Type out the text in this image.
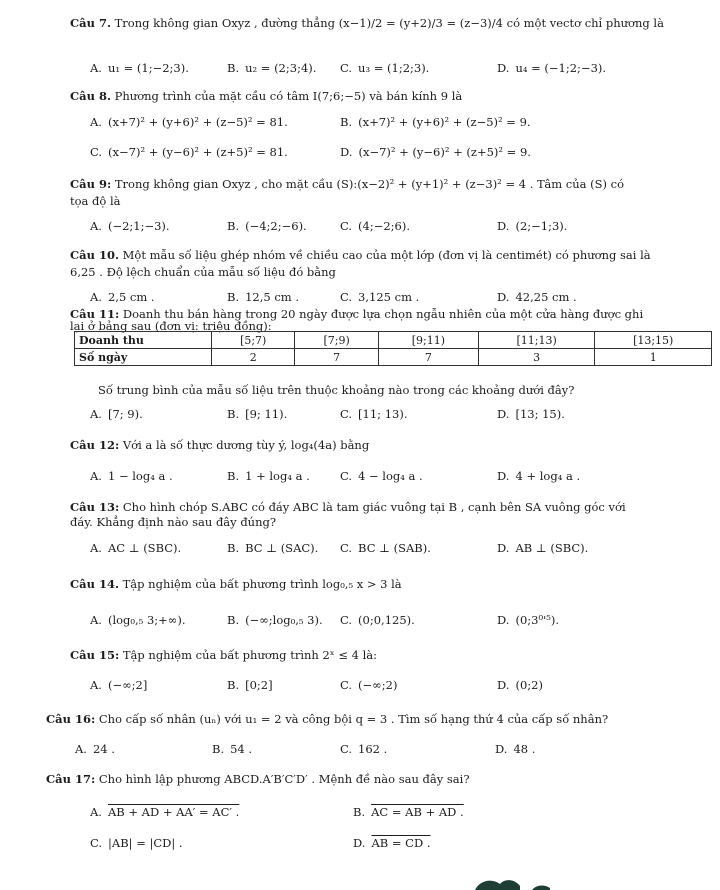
Câu 7. Trong không gian Oxyz , đường thẳng (x−1)/2 = (y+2)/3 = (z−3)/4 có một vectơ chỉ phương là
A. u₁ = (1;−2;3).	B. u₂ = (2;3;4). C. u₃ = (1;2;3).	D. u₄ = (−1;2;−3).
Câu 8. Phương trình của mặt cầu có tâm I(7;6;−5) và bán kính 9 là
A. (x+7)² + (y+6)² + (z−5)² = 81.	B. (x+7)² + (y+6)² + (z−5)² = 9.
C. (x−7)² + (y−6)² + (z+5)² = 81.	D. (x−7)² + (y−6)² + (z+5)² = 9.
Câu 9: Trong không gian Oxyz , cho mặt cầu (S):(x−2)² + (y+1)² + (z−3)² = 4 . Tâm của (S) có
tọa độ là
A. (−2;1;−3).	B. (−4;2;−6).	C. (4;−2;6).	D. (2;−1;3).
Câu 10. Một mẫu số liệu ghép nhóm về chiều cao của một lớp (đơn vị là centimét) có phương sai là
6,25 . Độ lệch chuẩn của mẫu số liệu đó bằng
A. 2,5 cm .	B. 12,5 cm .	C. 3,125 cm .	D. 42,25 cm .
Câu 11: Doanh thu bán hàng trong 20 ngày được lựa chọn ngẫu nhiên của một cửa hàng được ghi
lại ở bảng sau (đơn vị: triệu đồng):
Doanh thu	[5;7)	[7;9)	[9;11)	[11;13)	[13;15)
Số ngày	2	7	7	3	1
Số trung bình của mẫu số liệu trên thuộc khoảng nào trong các khoảng dưới đây?
A. [7; 9).	B. [9; 11).	C. [11; 13).	D. [13; 15).
Câu 12: Với a là số thực dương tùy ý, log₄(4a) bằng
A. 1 − log₄ a .	B. 1 + log₄ a .	C. 4 − log₄ a .	D. 4 + log₄ a .
Câu 13: Cho hình chóp S.ABC có đáy ABC là tam giác vuông tại B , cạnh bên SA vuông góc với
đáy. Khẳng định nào sau đây đúng?
A. AC ⊥ (SBC).	B. BC ⊥ (SAC). C. BC ⊥ (SAB).	D. AB ⊥ (SBC).
Câu 14. Tập nghiệm của bất phương trình log₀,₅ x > 3 là
A. (log₀,₅ 3;+∞).	B. (−∞;log₀,₅ 3). C. (0;0,125).	D. (0;3⁰'⁵).
Câu 15: Tập nghiệm của bất phương trình 2ˣ ≤ 4 là:
A. (−∞;2]	B. [0;2]	C. (−∞;2)	D. (0;2)
Câu 16: Cho cấp số nhân (uₙ) với u₁ = 2 và công bội q = 3 . Tìm số hạng thứ 4 của cấp số nhân?
A. 24 .	B. 54 .	C. 162 .	D. 48 .
Câu 17: Cho hình lập phương ABCD.A′B′C′D′ . Mệnh đề nào sau đây sai?
A. AB + AD + AA′ = AC′ .	B. AC = AB + AD .
C. |AB| = |CD| .	D. AB = CD .
